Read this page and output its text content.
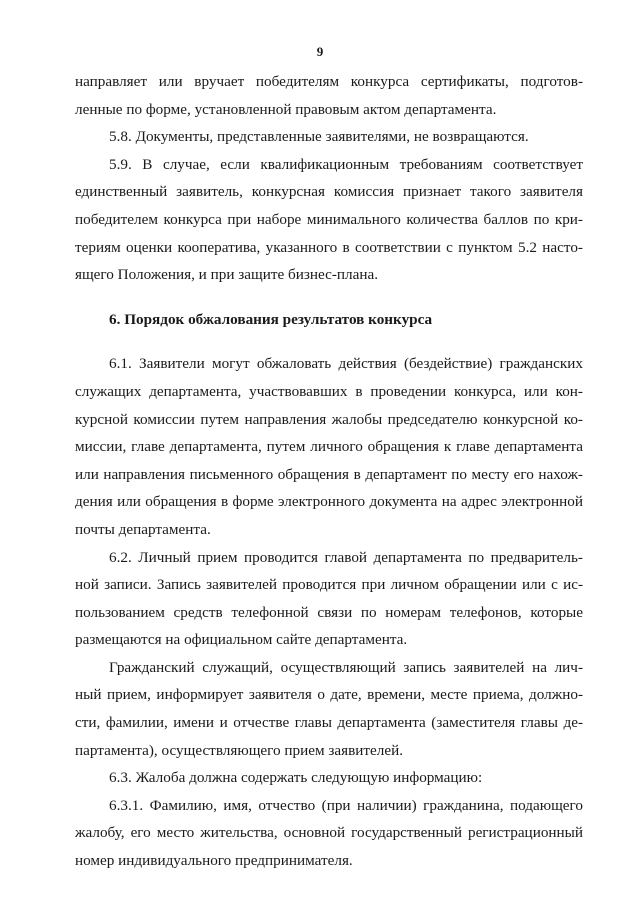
9
направляет или вручает победителям конкурса сертификаты, подготов-
ленные по форме, установленной правовым актом департамента.
5.8. Документы, представленные заявителями, не возвращаются.
5.9. В случае, если квалификационным требованиям соответствует
единственный заявитель, конкурсная комиссия признает такого заявителя
победителем конкурса при наборе минимального количества баллов по кри-
териям оценки кооператива, указанного в соответствии с пунктом 5.2 насто-
ящего Положения, и при защите бизнес-плана.
6. Порядок обжалования результатов конкурса
6.1. Заявители могут обжаловать действия (бездействие) гражданских
служащих департамента, участвовавших в проведении конкурса, или кон-
курсной комиссии путем направления жалобы председателю конкурсной ко-
миссии, главе департамента, путем личного обращения к главе департамента
или направления письменного обращения в департамент по месту его нахож-
дения или обращения в форме электронного документа на адрес электронной
почты департамента.
6.2. Личный прием проводится главой департамента по предваритель-
ной записи. Запись заявителей проводится при личном обращении или с ис-
пользованием средств телефонной связи по номерам телефонов, которые
размещаются на официальном сайте департамента.
Гражданский служащий, осуществляющий запись заявителей на лич-
ный прием, информирует заявителя о дате, времени, месте приема, должно-
сти, фамилии, имени и отчестве главы департамента (заместителя главы де-
партамента), осуществляющего прием заявителей.
6.3. Жалоба должна содержать следующую информацию:
6.3.1. Фамилию, имя, отчество (при наличии) гражданина, подающего
жалобу, его место жительства, основной государственный регистрационный
номер индивидуального предпринимателя.
